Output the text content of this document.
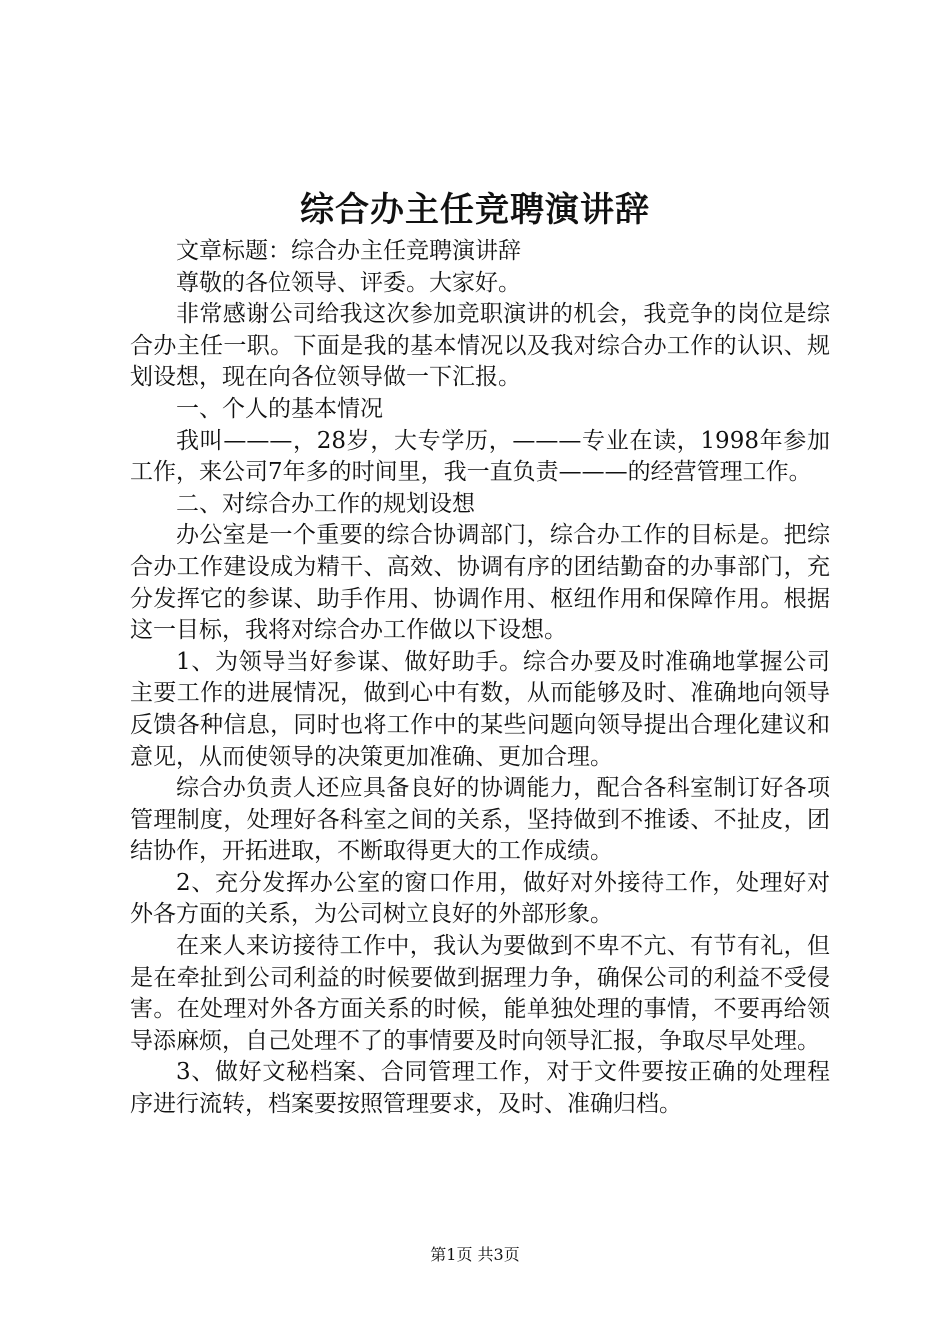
综合办主任竞聘演讲辞

文章标题：综合办主任竞聘演讲辞

尊敬的各位领导、评委。大家好。

非常感谢公司给我这次参加竞职演讲的机会，我竞争的岗位是综合办主任一职。下面是我的基本情况以及我对综合办工作的认识、规划设想，现在向各位领导做一下汇报。

一、个人的基本情况

我叫———，28岁，大专学历，———专业在读，1998年参加工作，来公司7年多的时间里，我一直负责———的经营管理工作。

二、对综合办工作的规划设想

办公室是一个重要的综合协调部门，综合办工作的目标是。把综合办工作建设成为精干、高效、协调有序的团结勤奋的办事部门，充分发挥它的参谋、助手作用、协调作用、枢纽作用和保障作用。根据这一目标，我将对综合办工作做以下设想。

1、为领导当好参谋、做好助手。综合办要及时准确地掌握公司主要工作的进展情况，做到心中有数，从而能够及时、准确地向领导反馈各种信息，同时也将工作中的某些问题向领导提出合理化建议和意见，从而使领导的决策更加准确、更加合理。

综合办负责人还应具备良好的协调能力，配合各科室制订好各项管理制度，处理好各科室之间的关系，坚持做到不推诿、不扯皮，团结协作，开拓进取，不断取得更大的工作成绩。

2、充分发挥办公室的窗口作用，做好对外接待工作，处理好对外各方面的关系，为公司树立良好的外部形象。

在来人来访接待工作中，我认为要做到不卑不亢、有节有礼，但是在牵扯到公司利益的时候要做到据理力争，确保公司的利益不受侵害。在处理对外各方面关系的时候，能单独处理的事情，不要再给领导添麻烦，自己处理不了的事情要及时向领导汇报，争取尽早处理。

3、做好文秘档案、合同管理工作，对于文件要按正确的处理程序进行流转，档案要按照管理要求，及时、准确归档。

第1页 共3页
